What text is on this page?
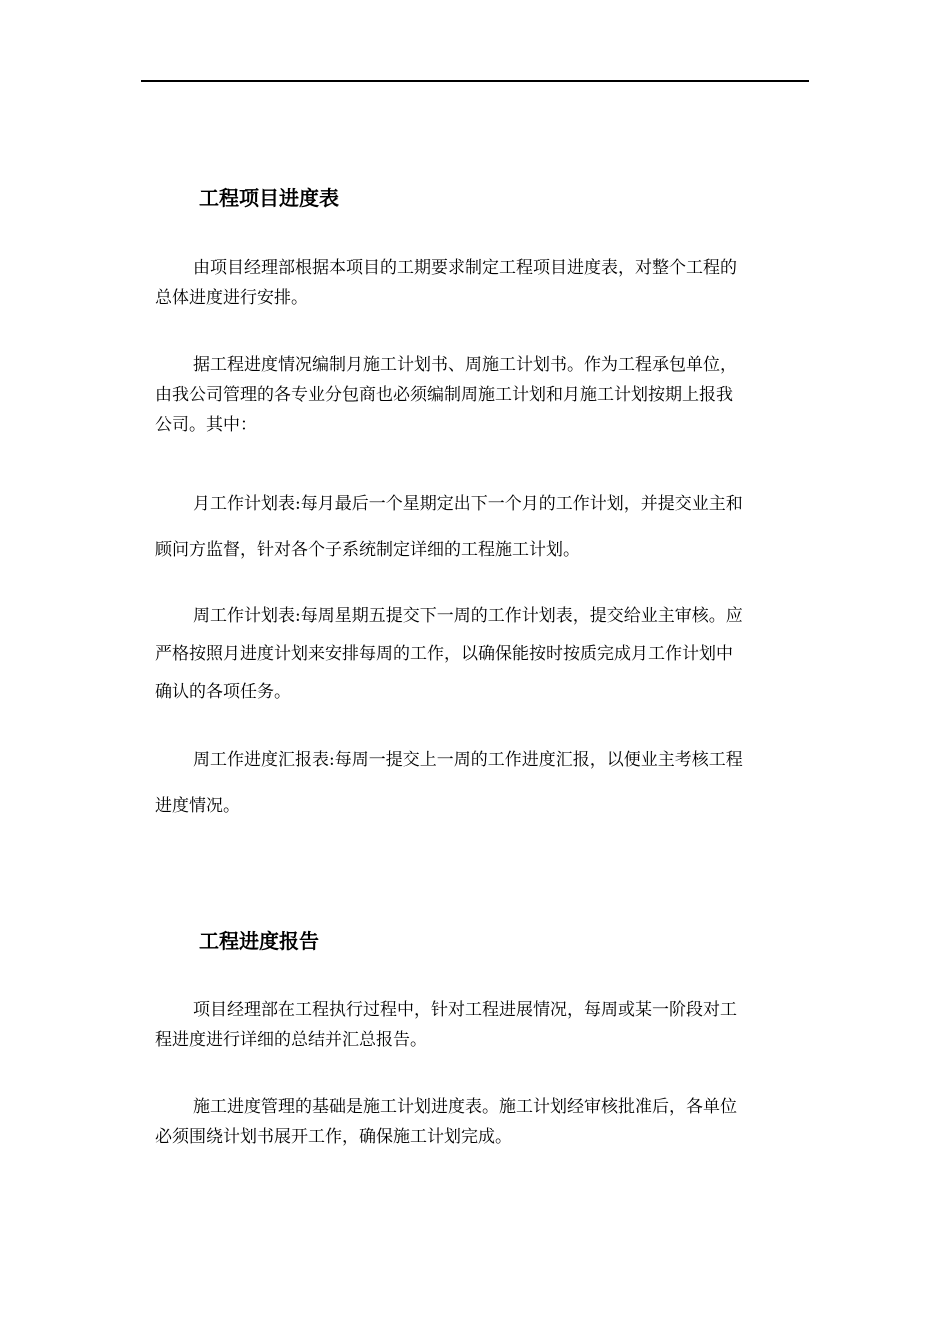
工程项目进度表

由项目经理部根据本项目的工期要求制定工程项目进度表，对整个工程的
总体进度进行安排。

据工程进度情况编制月施工计划书、周施工计划书。作为工程承包单位，
由我公司管理的各专业分包商也必须编制周施工计划和月施工计划按期上报我
公司。其中：

月工作计划表:每月最后一个星期定出下一个月的工作计划，并提交业主和
顾问方监督，针对各个子系统制定详细的工程施工计划。

周工作计划表:每周星期五提交下一周的工作计划表，提交给业主审核。应
严格按照月进度计划来安排每周的工作，以确保能按时按质完成月工作计划中
确认的各项任务。

周工作进度汇报表:每周一提交上一周的工作进度汇报，以便业主考核工程
进度情况。

工程进度报告

项目经理部在工程执行过程中，针对工程进展情况，每周或某一阶段对工
程进度进行详细的总结并汇总报告。

施工进度管理的基础是施工计划进度表。施工计划经审核批准后，各单位
必须围绕计划书展开工作，确保施工计划完成。
